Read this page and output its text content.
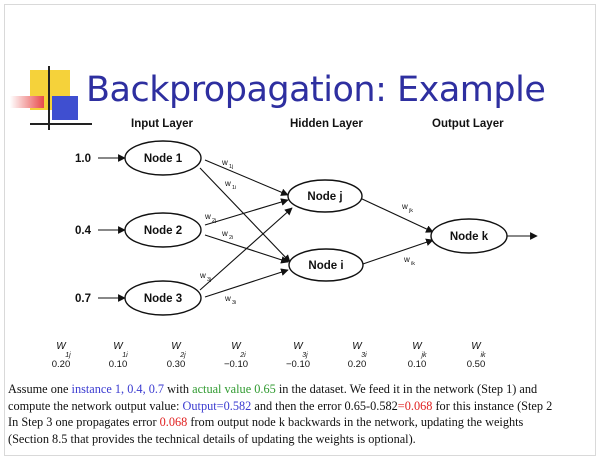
Backpropagation: Example
Input Layer	Hidden Layer	Output Layer
1.0
0.4
0.7
Node 1
Node 2
Node 3
Node j
Node i
Node k
w 1j
w 1i
w 2j
w 2i
w 3j
w 3i
w jk
w ik
W
1j
0.20
W
1i
0.10
W
2j
0.30
W
2i
−0.10
W
3j
−0.10
W
3i
0.20
W
jk
0.10
W
ik
0.50
Assume one instance 1, 0.4, 0.7 with actual value 0.65 in the dataset. We feed it in the network (Step 1) and
compute the network output value: Output=0.582 and then the error 0.65-0.582=0.068 for this instance (Step 2
In Step 3 one propagates error 0.068 from output node k backwards in the network, updating the weights
(Section 8.5 that provides the technical details of updating the weights is optional).
